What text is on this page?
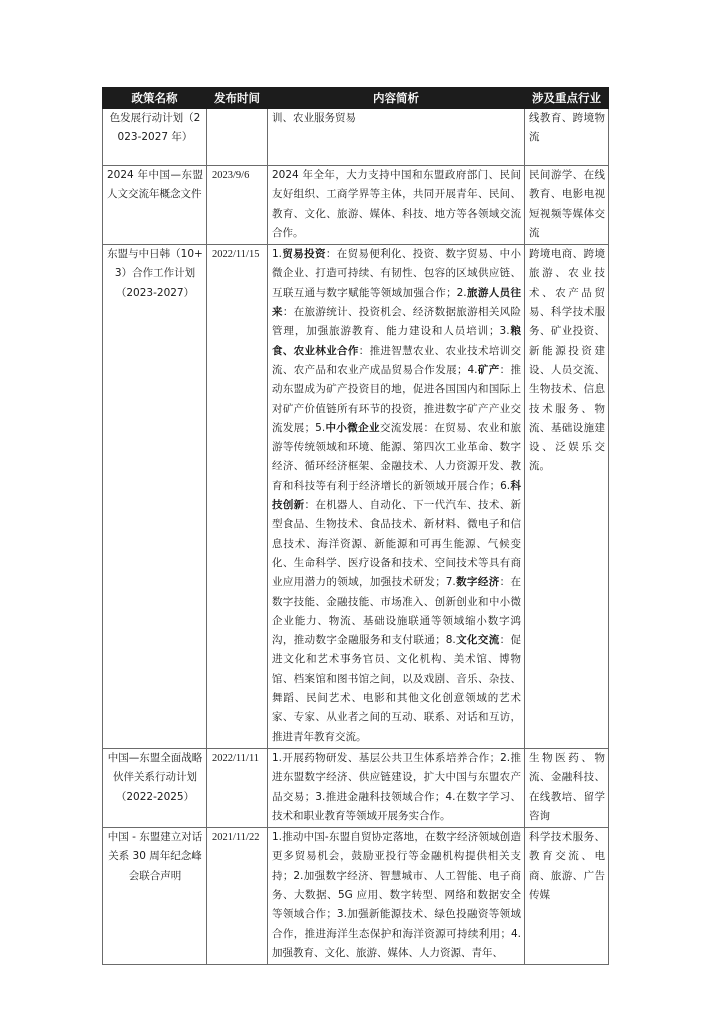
政策名称	发布时间	内容简析	涉及重点行业
色发展行动计划（2023-2027 年）		训、农业服务贸易	线教育、跨境物流
2024 年中国—东盟人文交流年概念文件	2023/9/6	2024 年全年，大力支持中国和东盟政府部门、民间友好组织、工商学界等主体，共同开展青年、民间、教育、文化、旅游、媒体、科技、地方等各领域交流合作。	民间游学、在线教育、电影电视短视频等媒体交流
东盟与中日韩（10+3）合作工作计划（2023-2027）	2022/11/15	1.贸易投资：在贸易便利化、投资、数字贸易、中小微企业、打造可持续、有韧性、包容的区域供应链、互联互通与数字赋能等领域加强合作；2.旅游人员往来：在旅游统计、投资机会、经济数据旅游相关风险管理，加强旅游教育、能力建设和人员培训；3.粮食、农业林业合作：推进智慧农业、农业技术培训交流、农产品和农业产成品贸易合作发展；4.矿产：推动东盟成为矿产投资目的地，促进各国国内和国际上对矿产价值链所有环节的投资，推进数字矿产产业交流发展；5.中小微企业交流发展：在贸易、农业和旅游等传统领域和环境、能源、第四次工业革命、数字经济、循环经济框架、金融技术、人力资源开发、教育和科技等有利于经济增长的新领域开展合作；6.科技创新：在机器人、自动化、下一代汽车、技术、新型食品、生物技术、食品技术、新材料、微电子和信息技术、海洋资源、新能源和可再生能源、气候变化、生命科学、医疗设备和技术、空间技术等具有商业应用潜力的领域，加强技术研发；7.数字经济：在数字技能、金融技能、市场准入、创新创业和中小微企业能力、物流、基础设施联通等领域缩小数字鸿沟，推动数字金融服务和支付联通；8.文化交流：促进文化和艺术事务官员、文化机构、美术馆、博物馆、档案馆和图书馆之间，以及戏剧、音乐、杂技、舞蹈、民间艺术、电影和其他文化创意领域的艺术家、专家、从业者之间的互动、联系、对话和互访，推进青年教育交流。	跨境电商、跨境旅游、农业技术、农产品贸易、科学技术服务、矿业投资、新能源投资建设、人员交流、生物技术、信息技术服务、物流、基础设施建设、泛娱乐交流。
中国—东盟全面战略伙伴关系行动计划（2022-2025）	2022/11/11	1.开展药物研发、基层公共卫生体系培养合作；2.推进东盟数字经济、供应链建设，扩大中国与东盟农产品交易；3.推进金融科技领域合作；4.在数字学习、技术和职业教育等领域开展务实合作。	生物医药、物流、金融科技、在线教培、留学咨询
中国 - 东盟建立对话关系 30 周年纪念峰会联合声明	2021/11/22	1.推动中国-东盟自贸协定落地，在数字经济领域创造更多贸易机会，鼓励亚投行等金融机构提供相关支持；2.加强数字经济、智慧城市、人工智能、电子商务、大数据、5G 应用、数字转型、网络和数据安全等领域合作；3.加强新能源技术、绿色投融资等领域合作，推进海洋生态保护和海洋资源可持续利用；4.加强教育、文化、旅游、媒体、人力资源、青年、	科学技术服务、教育交流、电商、旅游、广告传媒
